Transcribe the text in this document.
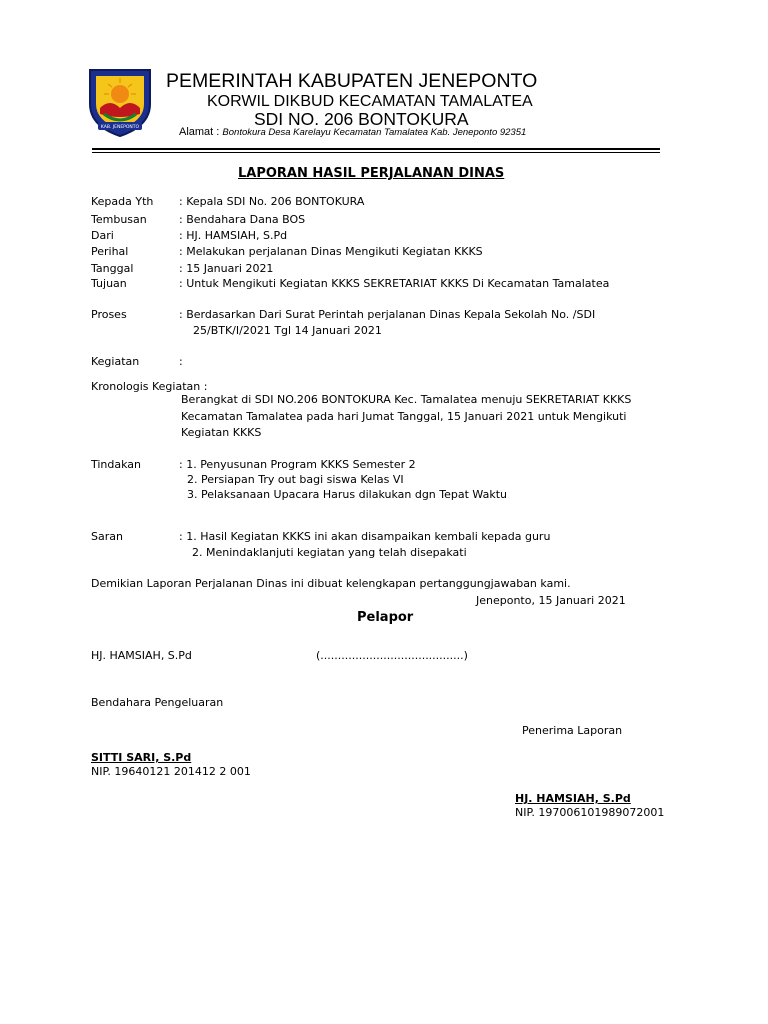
KAB. JENEPONTO
PEMERINTAH KABUPATEN JENEPONTO
KORWIL DIKBUD KECAMATAN TAMALATEA
SDI NO. 206 BONTOKURA
Alamat : Bontokura Desa Karelayu Kecamatan Tamalatea Kab. Jeneponto 92351
LAPORAN HASIL PERJALANAN DINAS
Kepada Yth : Kepala SDI No. 206 BONTOKURA
Tembusan	: Bendahara Dana BOS
Dari	: HJ. HAMSIAH, S.Pd
Perihal	: Melakukan perjalanan Dinas Mengikuti Kegiatan KKKS
Tanggal	: 15 Januari 2021
Tujuan	: Untuk Mengikuti Kegiatan KKKS SEKRETARIAT KKKS Di Kecamatan Tamalatea
Proses	: Berdasarkan Dari Surat Perintah perjalanan Dinas Kepala Sekolah No. /SDI
25/BTK/I/2021 Tgl 14 Januari 2021
Kegiatan	:
Kronologis Kegiatan :
Berangkat di SDI NO.206 BONTOKURA Kec. Tamalatea menuju SEKRETARIAT KKKS
Kecamatan Tamalatea pada hari Jumat Tanggal, 15 Januari 2021 untuk Mengikuti
Kegiatan KKKS
Tindakan	: 1. Penyusunan Program KKKS Semester 2
2. Persiapan Try out bagi siswa Kelas VI
3. Pelaksanaan Upacara Harus dilakukan dgn Tepat Waktu
Saran	: 1. Hasil Kegiatan KKKS ini akan disampaikan kembali kepada guru
2. Menindaklanjuti kegiatan yang telah disepakati
Demikian Laporan Perjalanan Dinas ini dibuat kelengkapan pertanggungjawaban kami.
Jeneponto, 15 Januari 2021
Pelapor
HJ. HAMSIAH, S.Pd	(.........................................)
Bendahara Pengeluaran
Penerima Laporan
SITTI SARI, S.Pd
NIP. 19640121 201412 2 001
HJ. HAMSIAH, S.Pd
NIP. 197006101989072001
